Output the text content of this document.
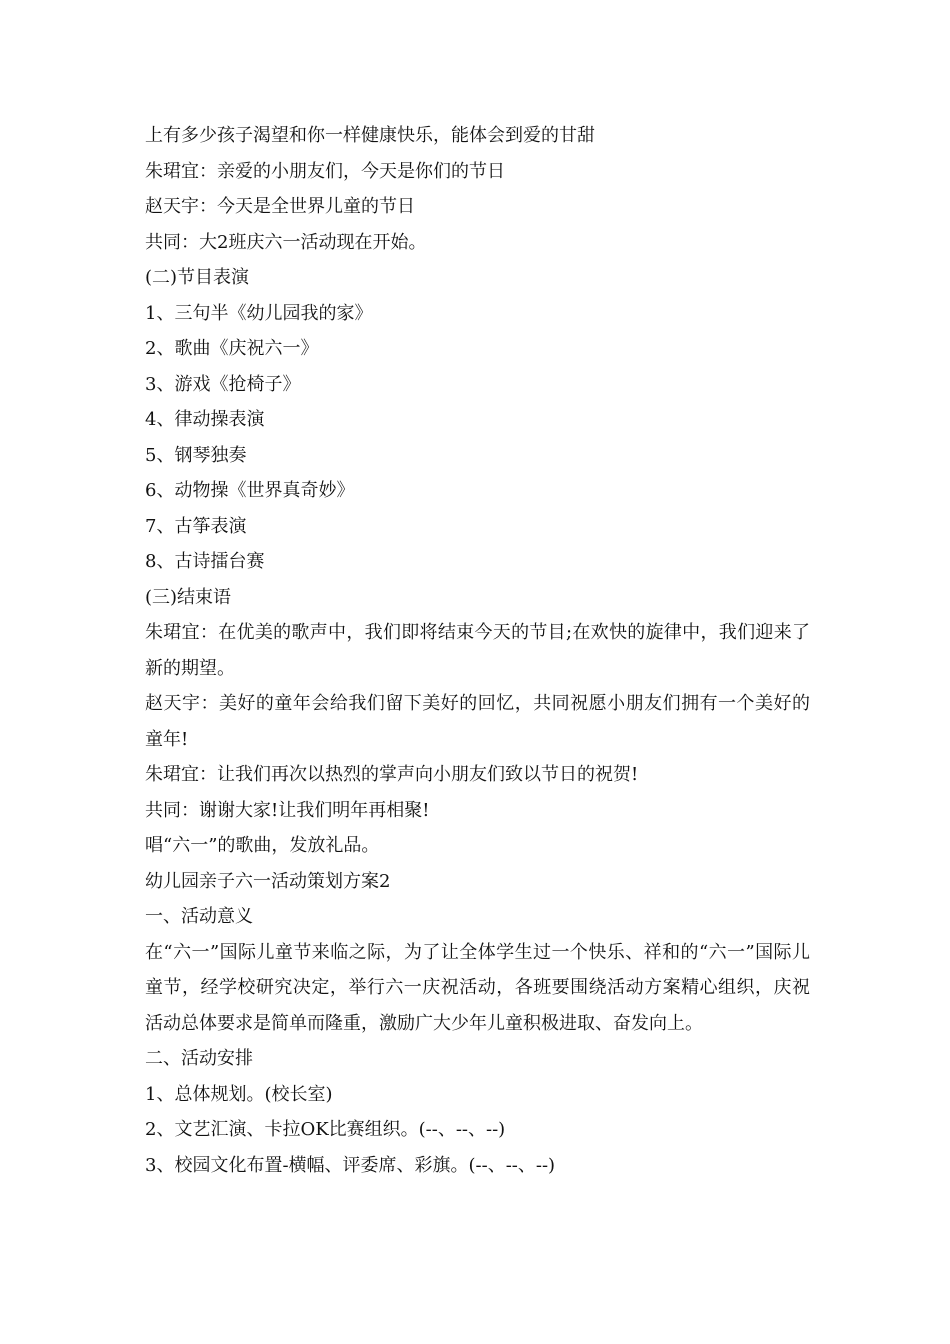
上有多少孩子渴望和你一样健康快乐，能体会到爱的甘甜

朱珺宜：亲爱的小朋友们，今天是你们的节日

赵天宇：今天是全世界儿童的节日

共同：大2班庆六一活动现在开始。

(二)节目表演

1、三句半《幼儿园我的家》

2、歌曲《庆祝六一》

3、游戏《抢椅子》

4、律动操表演

5、钢琴独奏

6、动物操《世界真奇妙》

7、古筝表演

8、古诗擂台赛

(三)结束语

朱珺宜：在优美的歌声中，我们即将结束今天的节目;在欢快的旋律中，我们迎来了新的期望。

赵天宇：美好的童年会给我们留下美好的回忆，共同祝愿小朋友们拥有一个美好的童年!

朱珺宜：让我们再次以热烈的掌声向小朋友们致以节日的祝贺!

共同：谢谢大家!让我们明年再相聚!

唱“六一”的歌曲，发放礼品。

幼儿园亲子六一活动策划方案2

一、活动意义

在“六一”国际儿童节来临之际，为了让全体学生过一个快乐、祥和的“六一”国际儿童节，经学校研究决定，举行六一庆祝活动，各班要围绕活动方案精心组织，庆祝活动总体要求是简单而隆重，激励广大少年儿童积极进取、奋发向上。

二、活动安排

1、总体规划。(校长室)

2、文艺汇演、卡拉OK比赛组织。(--、--、--)

3、校园文化布置-横幅、评委席、彩旗。(--、--、--)
